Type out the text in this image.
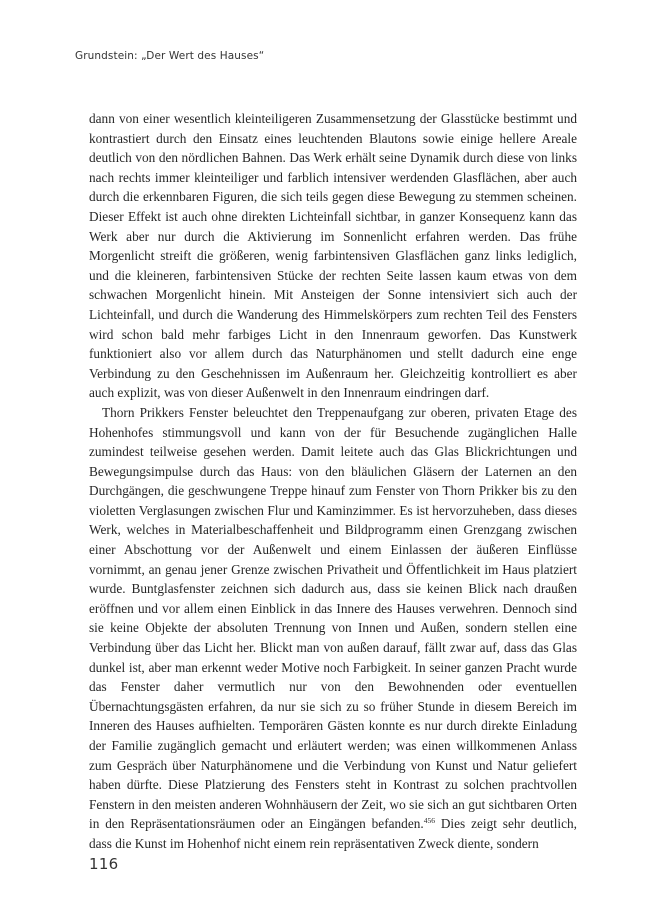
Grundstein: „Der Wert des Hauses“

dann von einer wesentlich kleinteiligeren Zusammensetzung der Glasstücke bestimmt und kontrastiert durch den Einsatz eines leuchtenden Blautons sowie einige hellere Areale deutlich von den nördlichen Bahnen. Das Werk erhält seine Dynamik durch diese von links nach rechts immer kleinteiliger und farblich intensiver werdenden Glasflächen, aber auch durch die erkennbaren Figuren, die sich teils gegen diese Bewegung zu stemmen scheinen. Dieser Effekt ist auch ohne direkten Lichteinfall sichtbar, in ganzer Konsequenz kann das Werk aber nur durch die Aktivierung im Sonnenlicht erfahren werden. Das frühe Morgenlicht streift die größeren, wenig farbintensiven Glasflächen ganz links lediglich, und die kleineren, farbintensiven Stücke der rechten Seite lassen kaum etwas von dem schwachen Morgenlicht hinein. Mit Ansteigen der Sonne intensiviert sich auch der Lichteinfall, und durch die Wanderung des Himmelskörpers zum rechten Teil des Fensters wird schon bald mehr farbiges Licht in den Innenraum geworfen. Das Kunstwerk funktioniert also vor allem durch das Naturphänomen und stellt dadurch eine enge Verbindung zu den Geschehnissen im Außenraum her. Gleichzeitig kontrolliert es aber auch explizit, was von dieser Außenwelt in den Innenraum eindringen darf.

Thorn Prikkers Fenster beleuchtet den Treppenaufgang zur oberen, privaten Etage des Hohenhofes stimmungsvoll und kann von der für Besuchende zugänglichen Halle zumindest teilweise gesehen werden. Damit leitete auch das Glas Blickrichtungen und Bewegungsimpulse durch das Haus: von den bläulichen Gläsern der Laternen an den Durchgängen, die geschwungene Treppe hinauf zum Fenster von Thorn Prikker bis zu den violetten Verglasungen zwischen Flur und Kaminzimmer. Es ist hervorzuheben, dass dieses Werk, welches in Materialbeschaffenheit und Bildprogramm einen Grenzgang zwischen einer Abschottung vor der Außenwelt und einem Einlassen der äußeren Einflüsse vornimmt, an genau jener Grenze zwischen Privatheit und Öffentlichkeit im Haus platziert wurde. Buntglasfenster zeichnen sich dadurch aus, dass sie keinen Blick nach draußen eröffnen und vor allem einen Einblick in das Innere des Hauses verwehren. Dennoch sind sie keine Objekte der absoluten Trennung von Innen und Außen, sondern stellen eine Verbindung über das Licht her. Blickt man von außen darauf, fällt zwar auf, dass das Glas dunkel ist, aber man erkennt weder Motive noch Farbigkeit. In seiner ganzen Pracht wurde das Fenster daher vermutlich nur von den Bewohnenden oder eventuellen Übernachtungsgästen erfahren, da nur sie sich zu so früher Stunde in diesem Bereich im Inneren des Hauses aufhielten. Temporären Gästen konnte es nur durch direkte Einladung der Familie zugänglich gemacht und erläutert werden; was einen willkommenen Anlass zum Gespräch über Naturphänomene und die Verbindung von Kunst und Natur geliefert haben dürfte. Diese Platzierung des Fensters steht in Kontrast zu solchen prachtvollen Fenstern in den meisten anderen Wohnhäusern der Zeit, wo sie sich an gut sichtbaren Orten in den Repräsentationsräumen oder an Eingängen befanden.$^{456}$ Dies zeigt sehr deutlich, dass die Kunst im Hohenhof nicht einem rein repräsentativen Zweck diente, sondern

116
